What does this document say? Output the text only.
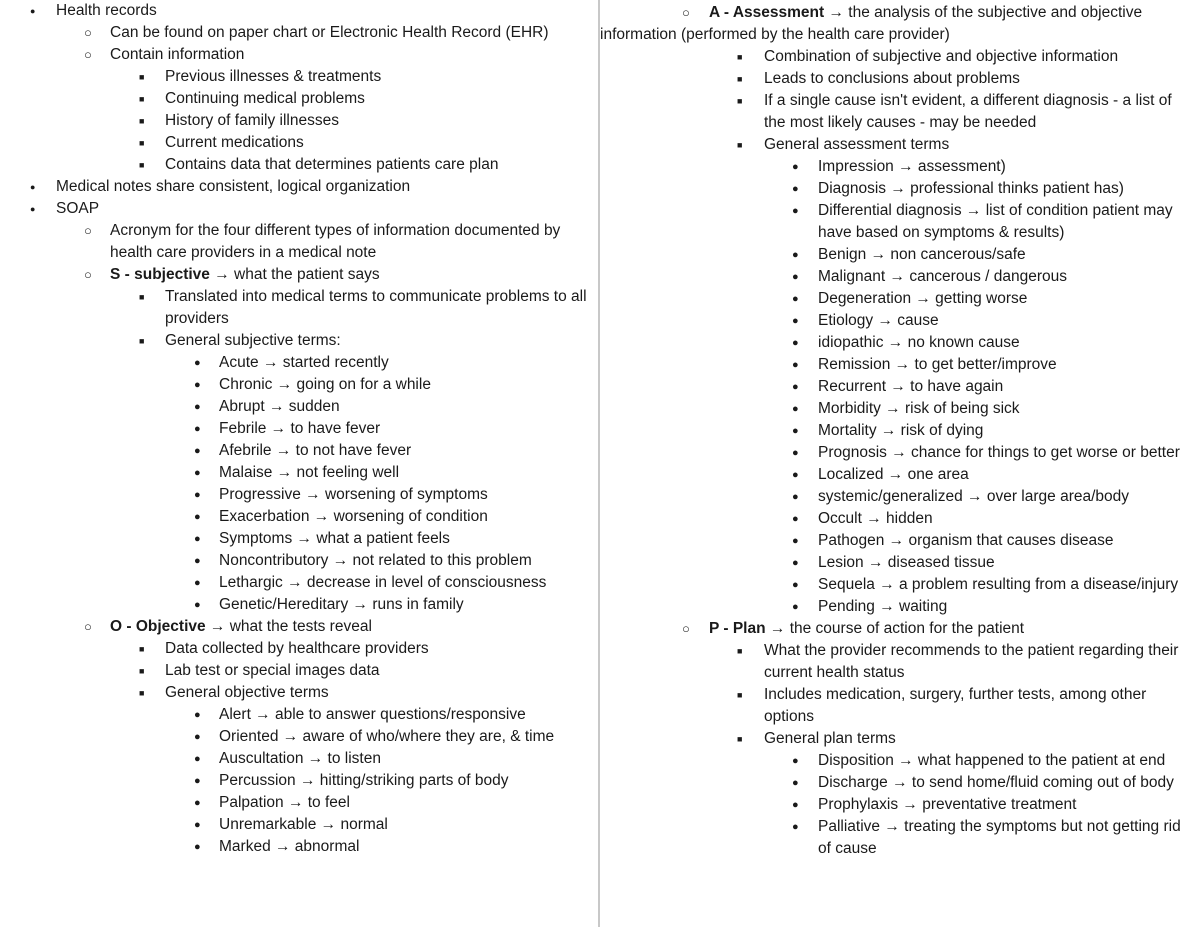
● Health records
○ Can be found on paper chart or Electronic Health Record (EHR)
○ Contain information
■ Previous illnesses & treatments
■ Continuing medical problems
■ History of family illnesses
■ Current medications
■ Contains data that determines patients care plan
● Medical notes share consistent, logical organization
● SOAP
○ Acronym for the four different types of information documented by health care providers in a medical note
○ S - subjective → what the patient says
■ Translated into medical terms to communicate problems to all providers
■ General subjective terms:
● Acute → started recently
● Chronic → going on for a while
● Abrupt → sudden
● Febrile → to have fever
● Afebrile → to not have fever
● Malaise → not feeling well
● Progressive → worsening of symptoms
● Exacerbation → worsening of condition
● Symptoms → what a patient feels
● Noncontributory → not related to this problem
● Lethargic → decrease in level of consciousness
● Genetic/Hereditary → runs in family
○ O - Objective → what the tests reveal
■ Data collected by healthcare providers
■ Lab test or special images data
■ General objective terms
● Alert → able to answer questions/responsive
● Oriented → aware of who/where they are, & time
● Auscultation → to listen
● Percussion → hitting/striking parts of body
● Palpation → to feel
● Unremarkable → normal
● Marked → abnormal
○	A - Assessment → the analysis of the subjective and objective information (performed by the health care provider)
■ Combination of subjective and objective information
■ Leads to conclusions about problems
■ If a single cause isn't evident, a different diagnosis - a list of the most likely causes - may be needed
■ General assessment terms
● Impression → assessment)
● Diagnosis → professional thinks patient has)
● Differential diagnosis → list of condition patient may have based on symptoms & results)
● Benign → non cancerous/safe
● Malignant → cancerous / dangerous
● Degeneration → getting worse
● Etiology → cause
● idiopathic → no known cause
● Remission → to get better/improve
● Recurrent → to have again
● Morbidity → risk of being sick
● Mortality → risk of dying
● Prognosis → chance for things to get worse or better
● Localized → one area
● systemic/generalized → over large area/body
● Occult → hidden
● Pathogen → organism that causes disease
● Lesion → diseased tissue
● Sequela → a problem resulting from a disease/injury
● Pending → waiting
○ P - Plan → the course of action for the patient
■ What the provider recommends to the patient regarding their current health status
■ Includes medication, surgery, further tests, among other options
■ General plan terms
● Disposition → what happened to the patient at end
● Discharge → to send home/fluid coming out of body
● Prophylaxis → preventative treatment
● Palliative → treating the symptoms but not getting rid of cause
